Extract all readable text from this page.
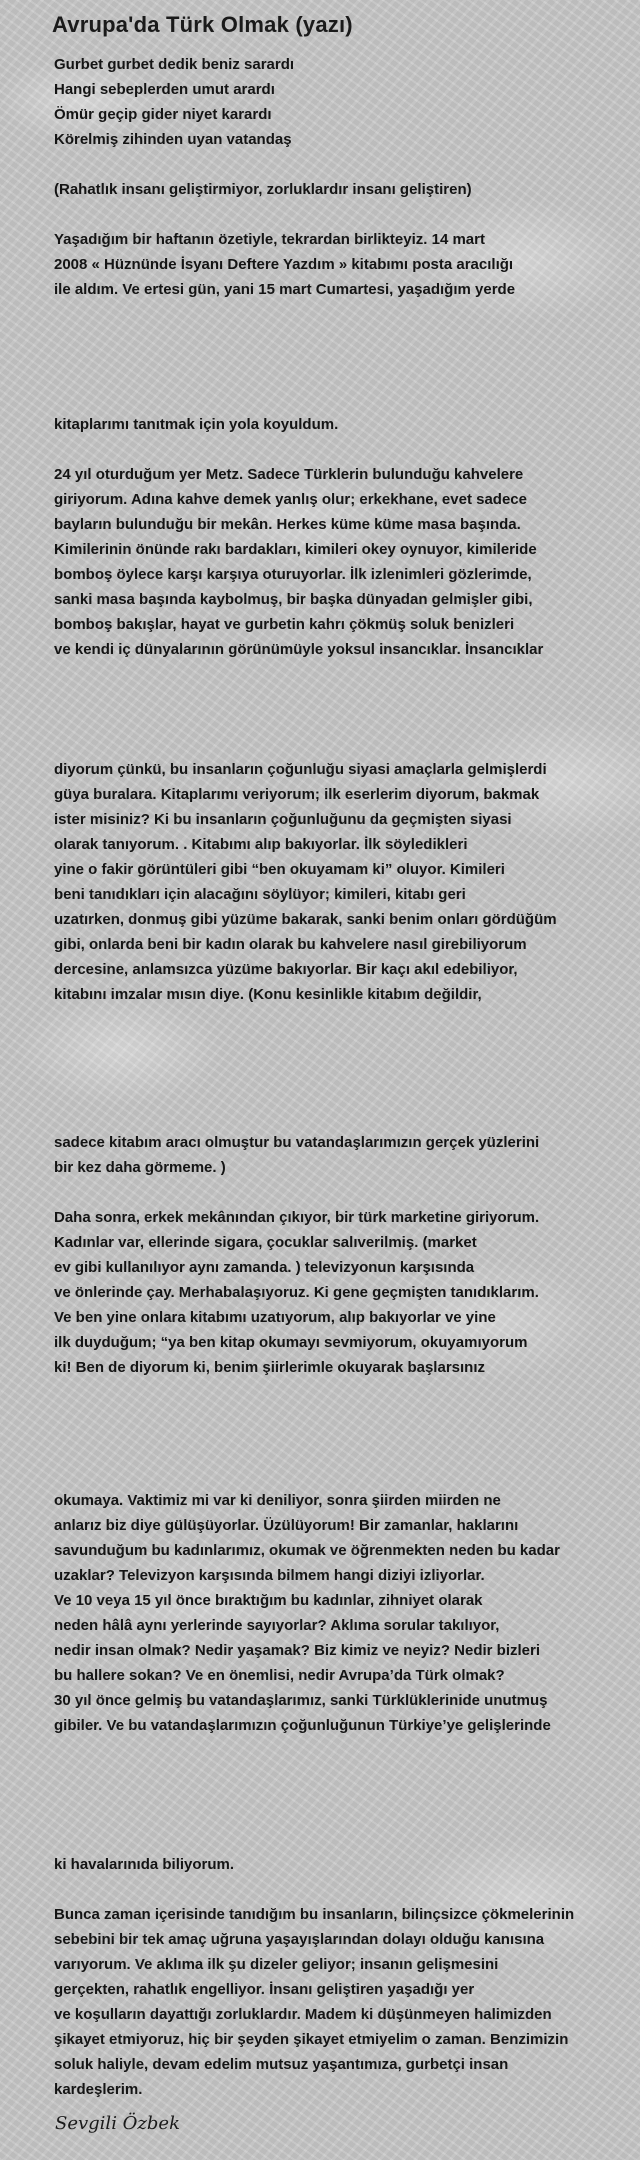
Avrupa'da Türk Olmak (yazı)
Gurbet gurbet dedik beniz sarardı
Hangi sebeplerden umut arardı
Ömür geçip gider niyet karardı
Körelmiş zihinden uyan vatandaş
(Rahatlık insanı geliştirmiyor, zorluklardır insanı geliştiren)
Yaşadığım bir haftanın özetiyle, tekrardan birlikteyiz. 14 mart
2008 « Hüznünde İsyanı Deftere Yazdım » kitabımı posta aracılığı
ile aldım. Ve ertesi gün, yani 15 mart Cumartesi, yaşadığım yerde
kitaplarımı tanıtmak için yola koyuldum.
24 yıl oturduğum yer Metz. Sadece Türklerin bulunduğu kahvelere
giriyorum. Adına kahve demek yanlış olur; erkekhane, evet sadece
bayların bulunduğu bir mekân. Herkes küme küme masa başında.
Kimilerinin önünde rakı bardakları, kimileri okey oynuyor, kimileride
bomboş öylece karşı karşıya oturuyorlar. İlk izlenimleri gözlerimde,
sanki masa başında kaybolmuş, bir başka dünyadan gelmişler gibi,
bomboş bakışlar, hayat ve gurbetin kahrı çökmüş soluk benizleri
ve kendi iç dünyalarının görünümüyle yoksul insancıklar. İnsancıklar
diyorum çünkü, bu insanların çoğunluğu siyasi amaçlarla gelmişlerdi
güya buralara. Kitaplarımı veriyorum; ilk eserlerim diyorum, bakmak
ister misiniz? Ki bu insanların çoğunluğunu da geçmişten siyasi
olarak tanıyorum. . Kitabımı alıp bakıyorlar. İlk söyledikleri
yine o fakir görüntüleri gibi “ben okuyamam ki” oluyor. Kimileri
beni tanıdıkları için alacağını söylüyor; kimileri, kitabı geri
uzatırken, donmuş gibi yüzüme bakarak, sanki benim onları gördüğüm
gibi, onlarda beni bir kadın olarak bu kahvelere nasıl girebiliyorum
dercesine, anlamsızca yüzüme bakıyorlar. Bir kaçı akıl edebiliyor,
kitabını imzalar mısın diye. (Konu kesinlikle kitabım değildir,
sadece kitabım aracı olmuştur bu vatandaşlarımızın gerçek yüzlerini
bir kez daha görmeme. )
Daha sonra, erkek mekânından çıkıyor, bir türk marketine giriyorum.
Kadınlar var, ellerinde sigara, çocuklar salıverilmiş. (market
ev gibi kullanılıyor aynı zamanda. ) televizyonun karşısında
ve önlerinde çay. Merhabalaşıyoruz. Ki gene geçmişten tanıdıklarım.
Ve ben yine onlara kitabımı uzatıyorum, alıp bakıyorlar ve yine
ilk duyduğum; “ya ben kitap okumayı sevmiyorum, okuyamıyorum
ki! Ben de diyorum ki, benim şiirlerimle okuyarak başlarsınız
okumaya. Vaktimiz mi var ki deniliyor, sonra şiirden miirden ne
anlarız biz diye gülüşüyorlar. Üzülüyorum! Bir zamanlar, haklarını
savunduğum bu kadınlarımız, okumak ve öğrenmekten neden bu kadar
uzaklar? Televizyon karşısında bilmem hangi diziyi izliyorlar.
Ve 10 veya 15 yıl önce bıraktığım bu kadınlar, zihniyet olarak
neden hâlâ aynı yerlerinde sayıyorlar? Aklıma sorular takılıyor,
nedir insan olmak? Nedir yaşamak? Biz kimiz ve neyiz? Nedir bizleri
bu hallere sokan? Ve en önemlisi, nedir Avrupa’da Türk olmak?
30 yıl önce gelmiş bu vatandaşlarımız, sanki Türklüklerinide unutmuş
gibiler. Ve bu vatandaşlarımızın çoğunluğunun Türkiye’ye gelişlerinde
ki havalarınıda biliyorum.
Bunca zaman içerisinde tanıdığım bu insanların, bilinçsizce çökmelerinin
sebebini bir tek amaç uğruna yaşayışlarından dolayı olduğu kanısına
varıyorum. Ve aklıma ilk şu dizeler geliyor; insanın gelişmesini
gerçekten, rahatlık engelliyor. İnsanı geliştiren yaşadığı yer
ve koşulların dayattığı zorluklardır. Madem ki düşünmeyen halimizden
şikayet etmiyoruz, hiç bir şeyden şikayet etmiyelim o zaman. Benzimizin
soluk haliyle, devam edelim mutsuz yaşantımıza, gurbetçi insan
kardeşlerim.
Sevgili Özbek
